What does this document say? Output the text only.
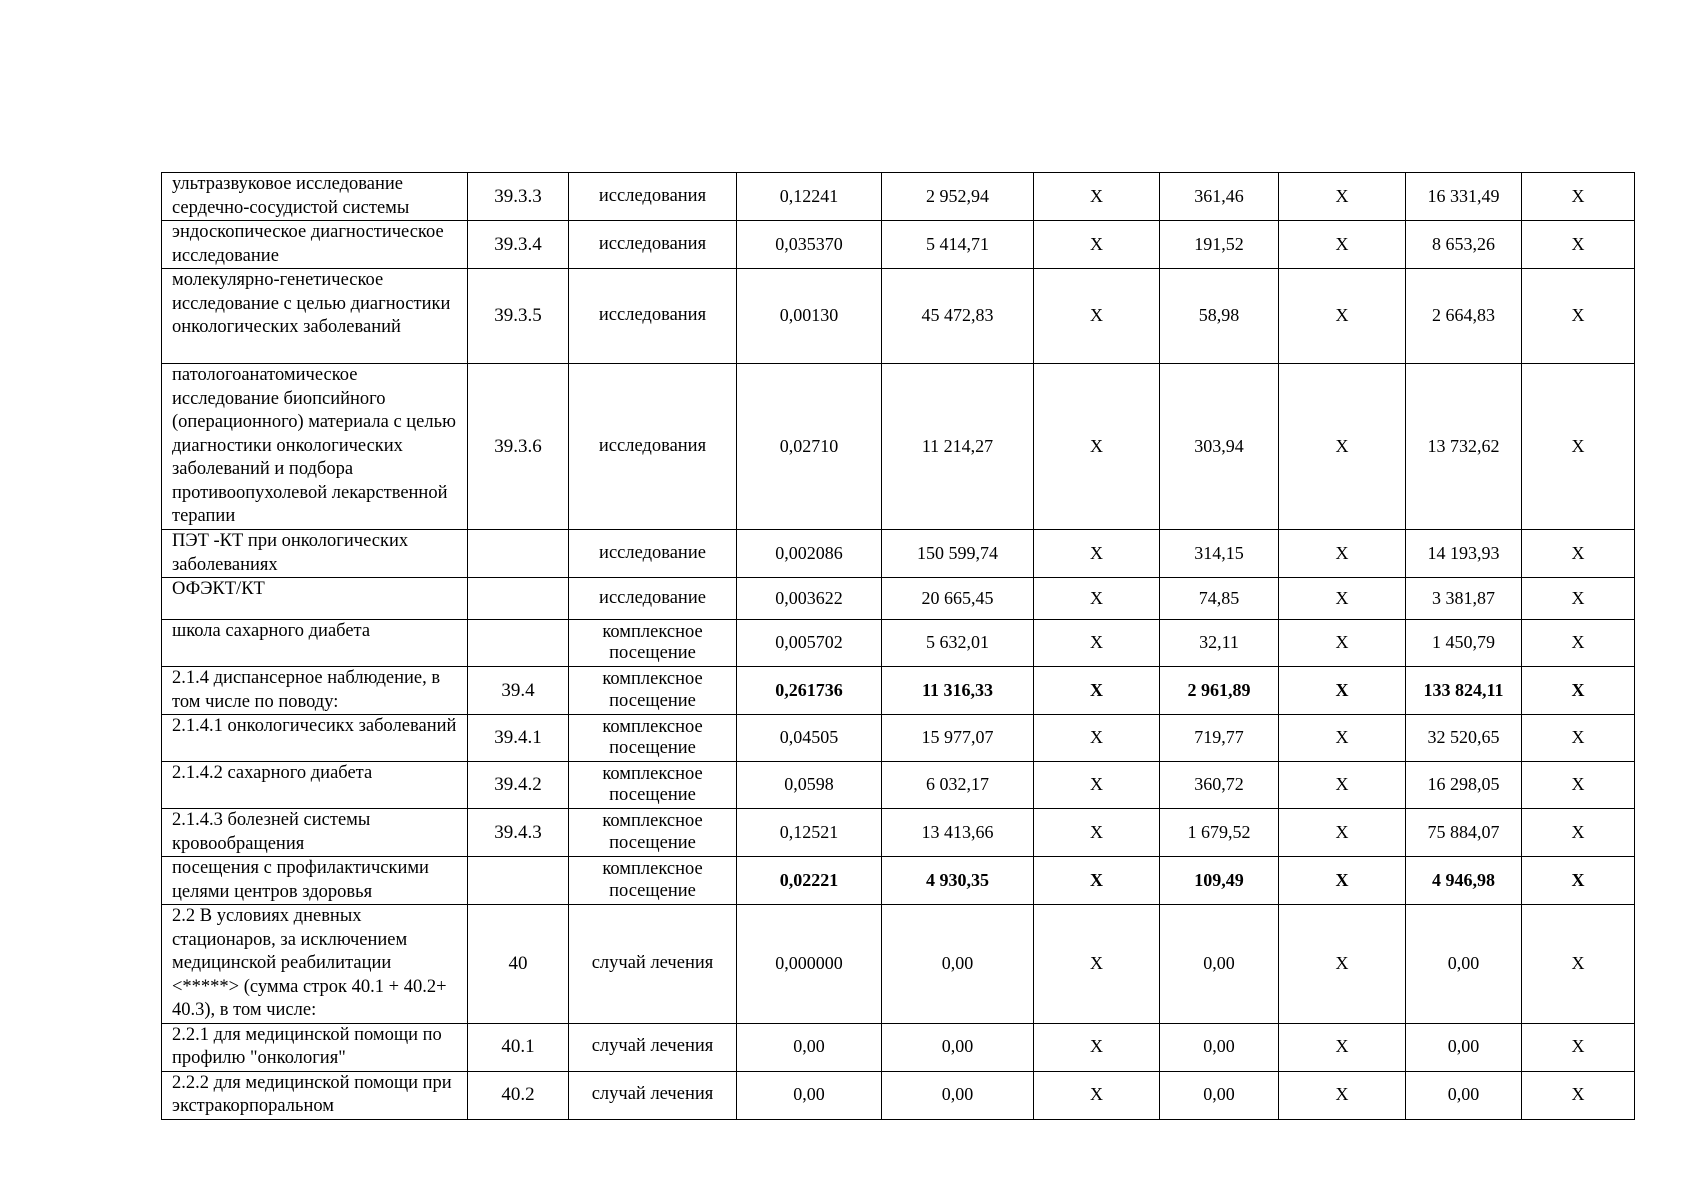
ультразвуковое исследование сердечно-сосудистой системы	39.3.3	исследования	0,12241	2 952,94	X	361,46	X	16 331,49	X
эндоскопическое диагностическое исследование	39.3.4	исследования	0,035370	5 414,71	X	191,52	X	8 653,26	X
молекулярно-генетическое исследование с целью диагностики онкологических заболеваний	39.3.5	исследования	0,00130	45 472,83	X	58,98	X	2 664,83	X
патологоанатомическое исследование биопсийного (операционного) материала с целью диагностики онкологических заболеваний и подбора противоопухолевой лекарственной терапии	39.3.6	исследования	0,02710	11 214,27	X	303,94	X	13 732,62	X
ПЭТ -КТ при онкологических заболеваниях		исследование	0,002086	150 599,74	X	314,15	X	14 193,93	X
ОФЭКТ/КТ		исследование	0,003622	20 665,45	X	74,85	X	3 381,87	X
школа сахарного диабета		комплексное посещение	0,005702	5 632,01	X	32,11	X	1 450,79	X
2.1.4 диспансерное наблюдение, в том числе по поводу:	39.4	комплексное посещение	0,261736	11 316,33	X	2 961,89	X	133 824,11	X
2.1.4.1 онкологичесикх заболеваний	39.4.1	комплексное посещение	0,04505	15 977,07	X	719,77	X	32 520,65	X
2.1.4.2 сахарного диабета	39.4.2	комплексное посещение	0,0598	6 032,17	X	360,72	X	16 298,05	X
2.1.4.3 болезней системы кровообращения	39.4.3	комплексное посещение	0,12521	13 413,66	X	1 679,52	X	75 884,07	X
посещения с профилактичскими целями центров здоровья		комплексное посещение	0,02221	4 930,35	X	109,49	X	4 946,98	X
2.2 В условиях дневных стационаров, за исключением медицинской реабилитации <*****> (сумма строк 40.1 + 40.2+ 40.3), в том числе:	40	случай лечения	0,000000	0,00	X	0,00	X	0,00	X
2.2.1 для медицинской помощи по профилю "онкология"	40.1	случай лечения	0,00	0,00	X	0,00	X	0,00	X
2.2.2 для медицинской помощи при экстракорпоральном	40.2	случай лечения	0,00	0,00	X	0,00	X	0,00	X
